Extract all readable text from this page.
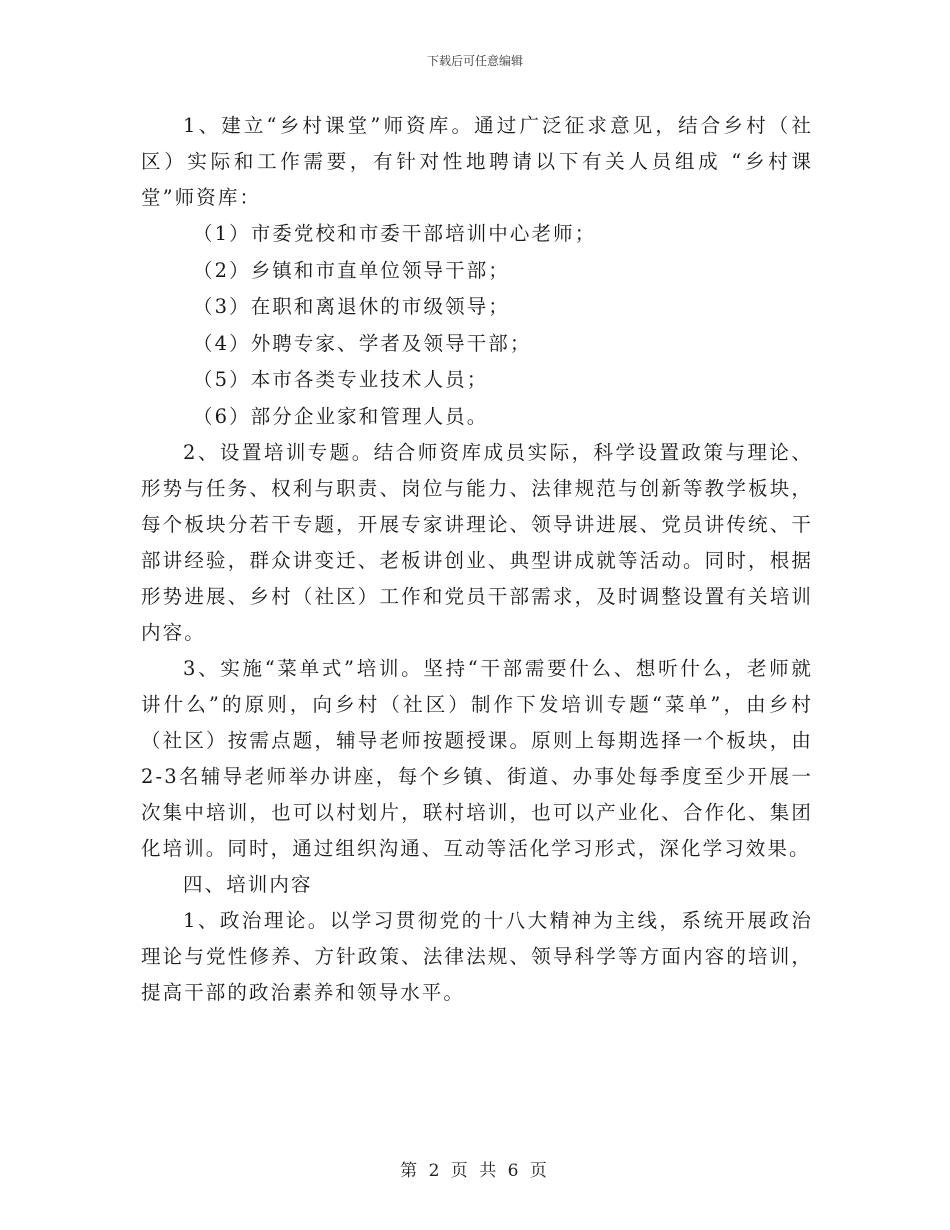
下载后可任意编辑

1、建立“乡村课堂”师资库。通过广泛征求意见，结合乡村（社区）实际和工作需要，有针对性地聘请以下有关人员组成 “乡村课堂”师资库：

（1）市委党校和市委干部培训中心老师；

（2）乡镇和市直单位领导干部；

（3）在职和离退休的市级领导；

（4）外聘专家、学者及领导干部；

（5）本市各类专业技术人员；

（6）部分企业家和管理人员。

2、设置培训专题。结合师资库成员实际，科学设置政策与理论、形势与任务、权利与职责、岗位与能力、法律规范与创新等教学板块，每个板块分若干专题，开展专家讲理论、领导讲进展、党员讲传统、干部讲经验，群众讲变迁、老板讲创业、典型讲成就等活动。同时，根据形势进展、乡村（社区）工作和党员干部需求，及时调整设置有关培训内容。

3、实施“菜单式”培训。坚持“干部需要什么、想听什么，老师就讲什么”的原则，向乡村（社区）制作下发培训专题“菜单”，由乡村（社区）按需点题，辅导老师按题授课。原则上每期选择一个板块，由2-3名辅导老师举办讲座，每个乡镇、街道、办事处每季度至少开展一次集中培训，也可以村划片，联村培训，也可以产业化、合作化、集团化培训。同时，通过组织沟通、互动等活化学习形式，深化学习效果。

四、培训内容

1、政治理论。以学习贯彻党的十八大精神为主线，系统开展政治理论与党性修养、方针政策、法律法规、领导科学等方面内容的培训，提高干部的政治素养和领导水平。

第 2 页 共 6 页
